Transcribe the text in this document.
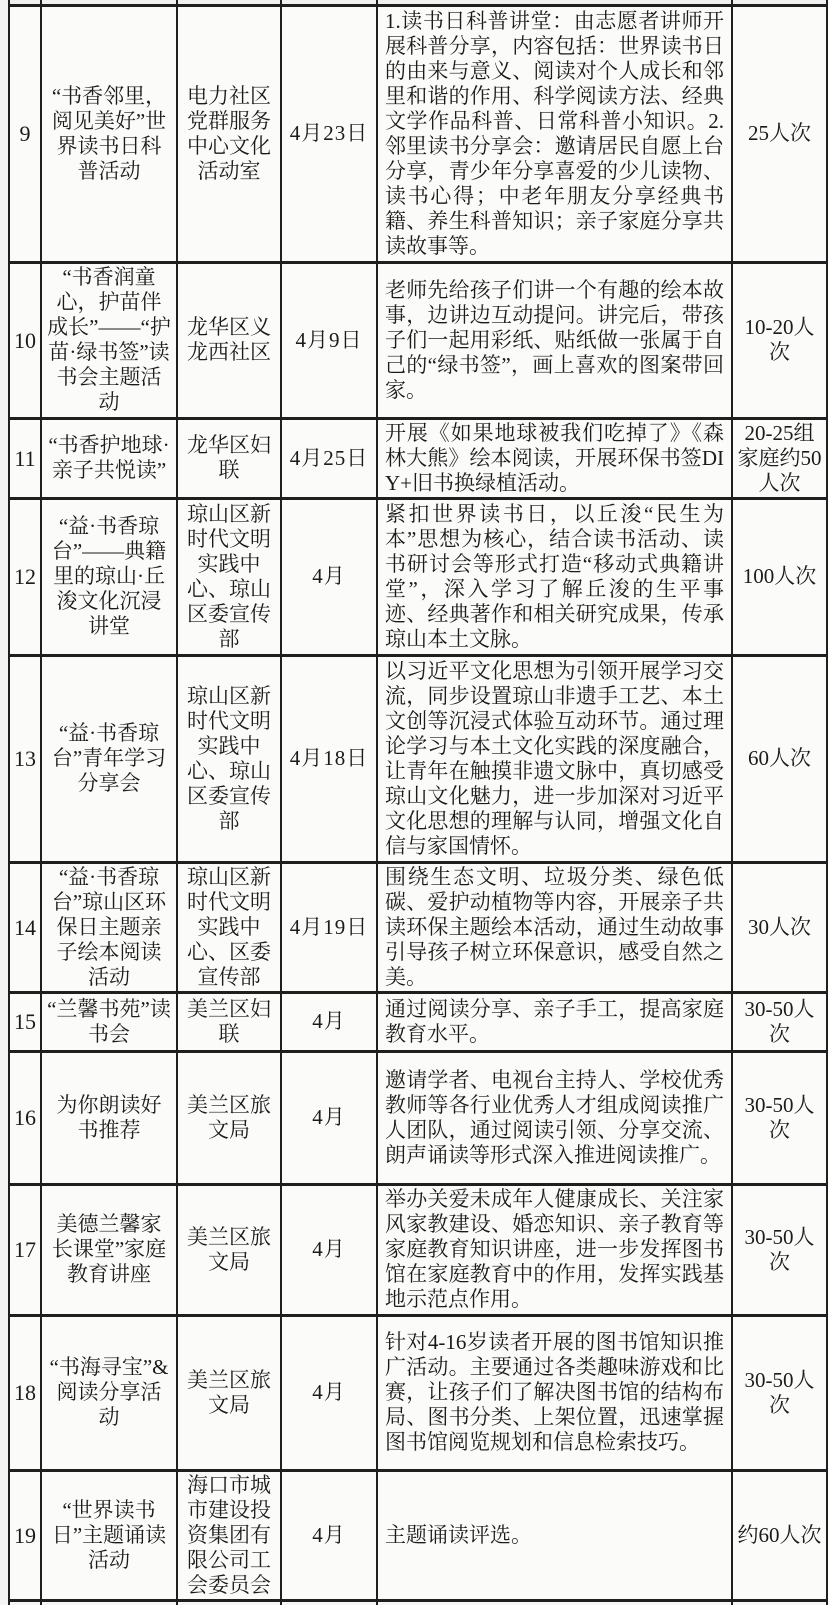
9	“书香邻里，阅见美好”世界读书日科普活动	电力社区党群服务中心文化活动室	4月23日	1.读书日科普讲堂：由志愿者讲师开展科普分享，内容包括：世界读书日的由来与意义、阅读对个人成长和邻里和谐的作用、科学阅读方法、经典文学作品科普、日常科普小知识。2.邻里读书分享会：邀请居民自愿上台分享，青少年分享喜爱的少儿读物、读书心得；中老年朋友分享经典书籍、养生科普知识；亲子家庭分享共读故事等。	25人次
10	“书香润童心，护苗伴成长”——“护苗·绿书签”读书会主题活动	龙华区义龙西社区	4月9日	老师先给孩子们讲一个有趣的绘本故事，边讲边互动提问。讲完后，带孩子们一起用彩纸、贴纸做一张属于自己的“绿书签”，画上喜欢的图案带回家。	10-20人次
11	“书香护地球·亲子共悦读”	龙华区妇联	4月25日	开展《如果地球被我们吃掉了》《森林大熊》绘本阅读，开展环保书签DIY+旧书换绿植活动。	20-25组家庭约50人次
12	“益·书香琼台”——典籍里的琼山·丘浚文化沉浸讲堂	琼山区新时代文明实践中心、琼山区委宣传部	4月	紧扣世界读书日，以丘浚“民生为本”思想为核心，结合读书活动、读书研讨会等形式打造“移动式典籍讲堂”，深入学习了解丘浚的生平事迹、经典著作和相关研究成果，传承琼山本土文脉。	100人次
13	“益·书香琼台”青年学习分享会	琼山区新时代文明实践中心、琼山区委宣传部	4月18日	以习近平文化思想为引领开展学习交流，同步设置琼山非遗手工艺、本土文创等沉浸式体验互动环节。通过理论学习与本土文化实践的深度融合，让青年在触摸非遗文脉中，真切感受琼山文化魅力，进一步加深对习近平文化思想的理解与认同，增强文化自信与家国情怀。	60人次
14	“益·书香琼台”琼山区环保日主题亲子绘本阅读活动	琼山区新时代文明实践中心、区委宣传部	4月19日	围绕生态文明、垃圾分类、绿色低碳、爱护动植物等内容，开展亲子共读环保主题绘本活动，通过生动故事引导孩子树立环保意识，感受自然之美。	30人次
15	“兰馨书苑”读书会	美兰区妇联	4月	通过阅读分享、亲子手工，提高家庭教育水平。	30-50人次
16	为你朗读好书推荐	美兰区旅文局	4月	邀请学者、电视台主持人、学校优秀教师等各行业优秀人才组成阅读推广人团队，通过阅读引领、分享交流、朗声诵读等形式深入推进阅读推广。	30-50人次
17	美德兰馨家长课堂”家庭教育讲座	美兰区旅文局	4月	举办关爱未成年人健康成长、关注家风家教建设、婚恋知识、亲子教育等家庭教育知识讲座，进一步发挥图书馆在家庭教育中的作用，发挥实践基地示范点作用。	30-50人次
18	“书海寻宝”&阅读分享活动	美兰区旅文局	4月	针对4-16岁读者开展的图书馆知识推广活动。主要通过各类趣味游戏和比赛，让孩子们了解决图书馆的结构布局、图书分类、上架位置，迅速掌握图书馆阅览规划和信息检索技巧。	30-50人次
19	“世界读书日”主题诵读活动	海口市城市建设投资集团有限公司工会委员会	4月	主题诵读评选。	约60人次
